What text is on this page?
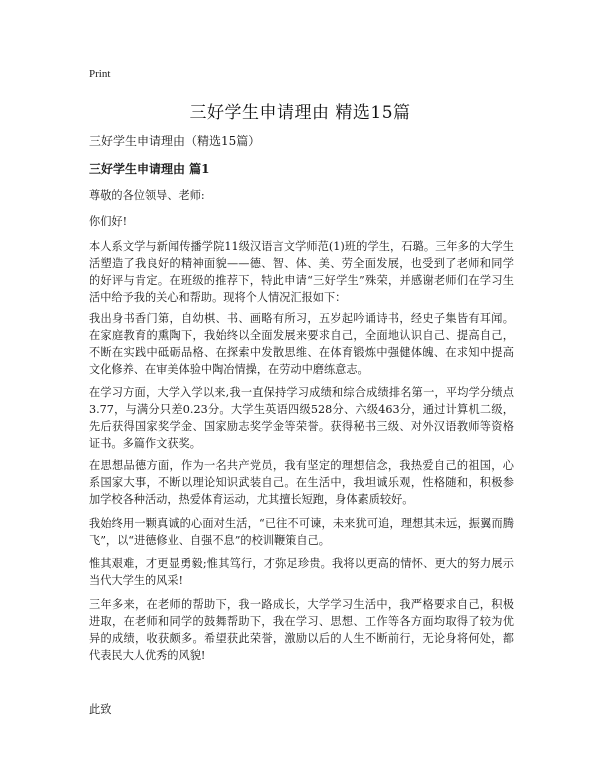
Print
三好学生申请理由 精选15篇
三好学生申请理由（精选15篇）
三好学生申请理由 篇1

尊敬的各位领导、老师:

你们好!

本人系文学与新闻传播学院11级汉语言文学师范(1)班的学生，石璐。三年多的大学生活塑造了我良好的精神面貌——德、智、体、美、劳全面发展，也受到了老师和同学的好评与肯定。在班级的推荐下，特此申请“三好学生”殊荣，并感谢老师们在学习生活中给予我的关心和帮助。现将个人情况汇报如下：

我出身书香门第，自幼棋、书、画略有所习，五岁起吟诵诗书，经史子集皆有耳闻。在家庭教育的熏陶下，我始终以全面发展来要求自己，全面地认识自己、提高自己，不断在实践中砥砺品格、在探索中发散思维、在体育锻炼中强健体魄、在求知中提高文化修养、在审美体验中陶冶情操，在劳动中磨练意志。

在学习方面，大学入学以来,我一直保持学习成绩和综合成绩排名第一，平均学分绩点3.77，与满分只差0.23分。大学生英语四级528分、六级463分，通过计算机二级，先后获得国家奖学金、国家励志奖学金等荣誉。获得秘书三级、对外汉语教师等资格证书。多篇作文获奖。

在思想品德方面，作为一名共产党员，我有坚定的理想信念，我热爱自己的祖国，心系国家大事，不断以理论知识武装自己。在生活中，我坦诚乐观，性格随和，积极参加学校各种活动，热爱体育运动，尤其擅长短跑，身体素质较好。

我始终用一颗真诚的心面对生活，“已往不可谏，未来犹可追，理想其未远，振翼而腾飞”，以“进德修业、自强不息”的校训鞭策自己。

惟其艰难，才更显勇毅;惟其笃行，才弥足珍贵。我将以更高的情怀、更大的努力展示当代大学生的风采!

三年多来，在老师的帮助下，我一路成长，大学学习生活中，我严格要求自己，积极进取，在老师和同学的鼓舞帮助下，我在学习、思想、工作等各方面均取得了较为优异的成绩，收获颇多。希望获此荣誉，激励以后的人生不断前行，无论身将何处，都代表民大人优秀的风貌!

此致
